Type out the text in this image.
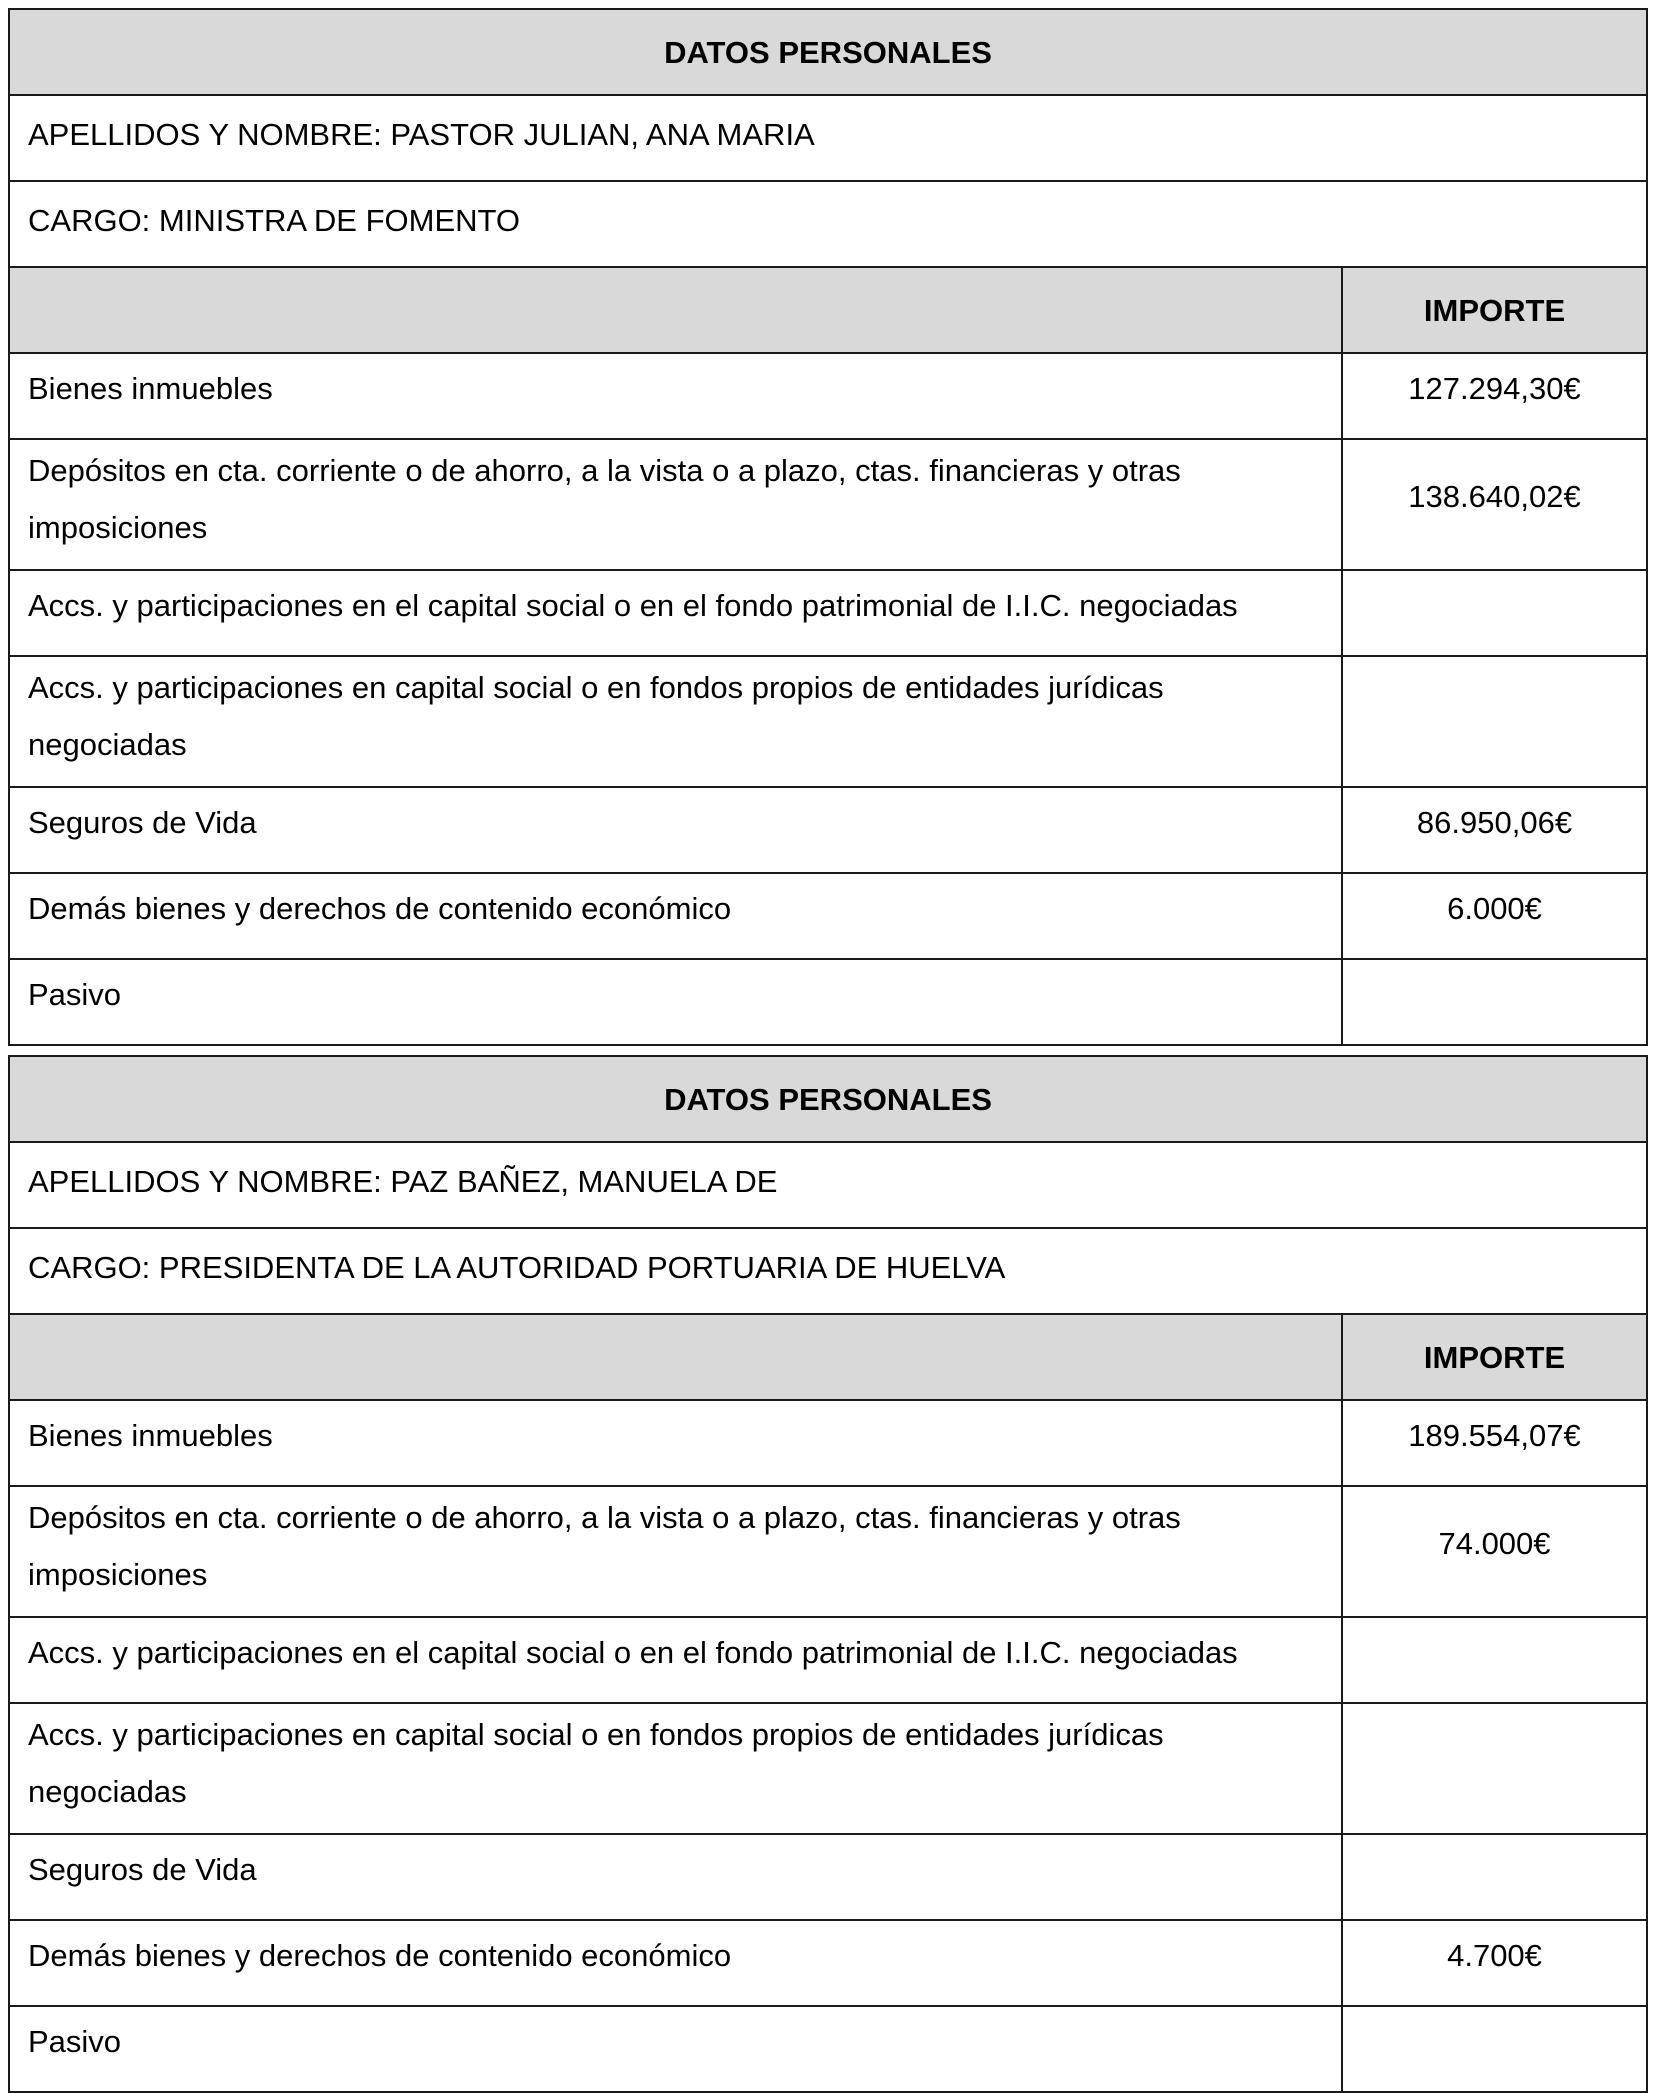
DATOS PERSONALES	
APELLIDOS Y NOMBRE: PASTOR JULIAN, ANA MARIA	
CARGO: MINISTRA DE FOMENTO	
	IMPORTE
Bienes inmuebles	127.294,30€
Depósitos en cta. corriente o de ahorro, a la vista o a plazo, ctas. financieras y otras imposiciones	138.640,02€
Accs. y participaciones en el capital social o en el fondo patrimonial de I.I.C. negociadas	
Accs. y participaciones en capital social o en fondos propios de entidades jurídicas negociadas	
Seguros de Vida	86.950,06€
Demás bienes y derechos de contenido económico	6.000€
Pasivo	
DATOS PERSONALES	
APELLIDOS Y NOMBRE: PAZ BAÑEZ, MANUELA DE	
CARGO: PRESIDENTA DE LA AUTORIDAD PORTUARIA DE HUELVA	
	IMPORTE
Bienes inmuebles	189.554,07€
Depósitos en cta. corriente o de ahorro, a la vista o a plazo, ctas. financieras y otras imposiciones	74.000€
Accs. y participaciones en el capital social o en el fondo patrimonial de I.I.C. negociadas	
Accs. y participaciones en capital social o en fondos propios de entidades jurídicas negociadas	
Seguros de Vida	
Demás bienes y derechos de contenido económico	4.700€
Pasivo	
